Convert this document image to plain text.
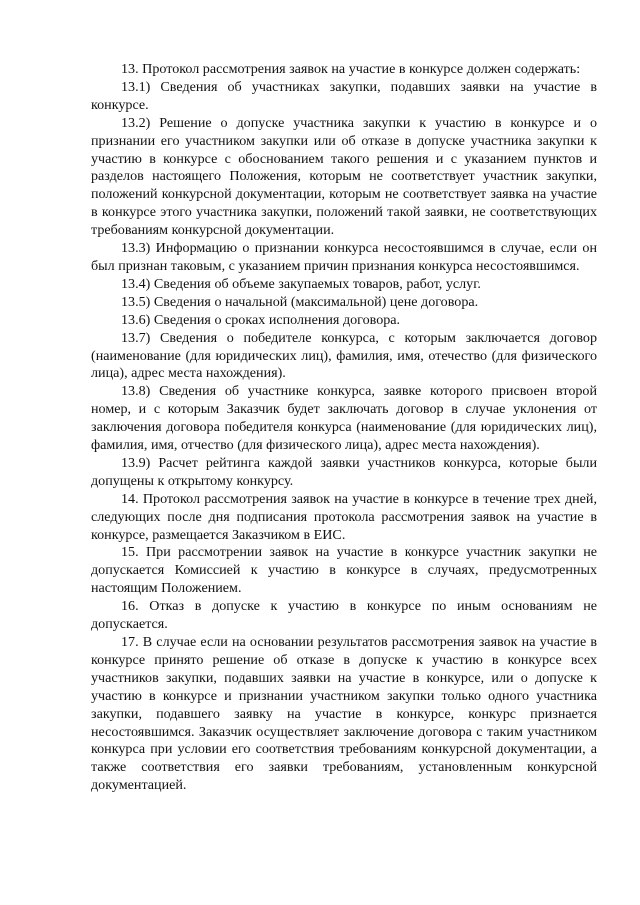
13. Протокол рассмотрения заявок на участие в конкурсе должен содержать:

13.1) Сведения об участниках закупки, подавших заявки на участие в конкурсе.

13.2) Решение о допуске участника закупки к участию в конкурсе и о признании его участником закупки или об отказе в допуске участника закупки к участию в конкурсе с обоснованием такого решения и с указанием пунктов и разделов настоящего Положения, которым не соответствует участник закупки, положений конкурсной документации, которым не соответствует заявка на участие в конкурсе этого участника закупки, положений такой заявки, не соответствующих требованиям конкурсной документации.

13.3) Информацию о признании конкурса несостоявшимся в случае, если он был признан таковым, с указанием причин признания конкурса несостоявшимся.

13.4) Сведения об объеме закупаемых товаров, работ, услуг.

13.5) Сведения о начальной (максимальной) цене договора.

13.6) Сведения о сроках исполнения договора.

13.7) Сведения о победителе конкурса, с которым заключается договор (наименование (для юридических лиц), фамилия, имя, отечество (для физического лица), адрес места нахождения).

13.8) Сведения об участнике конкурса, заявке которого присвоен второй номер, и с которым Заказчик будет заключать договор в случае уклонения от заключения договора победителя конкурса (наименование (для юридических лиц), фамилия, имя, отчество (для физического лица), адрес места нахождения).

13.9) Расчет рейтинга каждой заявки участников конкурса, которые были допущены к открытому конкурсу.

14. Протокол рассмотрения заявок на участие в конкурсе в течение трех дней, следующих после дня подписания протокола рассмотрения заявок на участие в конкурсе, размещается Заказчиком в ЕИС.

15. При рассмотрении заявок на участие в конкурсе участник закупки не допускается Комиссией к участию в конкурсе в случаях, предусмотренных настоящим Положением.

16. Отказ в допуске к участию в конкурсе по иным основаниям не допускается.

17. В случае если на основании результатов рассмотрения заявок на участие в конкурсе принято решение об отказе в допуске к участию в конкурсе всех участников закупки, подавших заявки на участие в конкурсе, или о допуске к участию в конкурсе и признании участником закупки только одного участника закупки, подавшего заявку на участие в конкурсе, конкурс признается несостоявшимся. Заказчик осуществляет заключение договора с таким участником конкурса при условии его соответствия требованиям конкурсной документации, а также соответствия его заявки требованиям, установленным конкурсной документацией.
